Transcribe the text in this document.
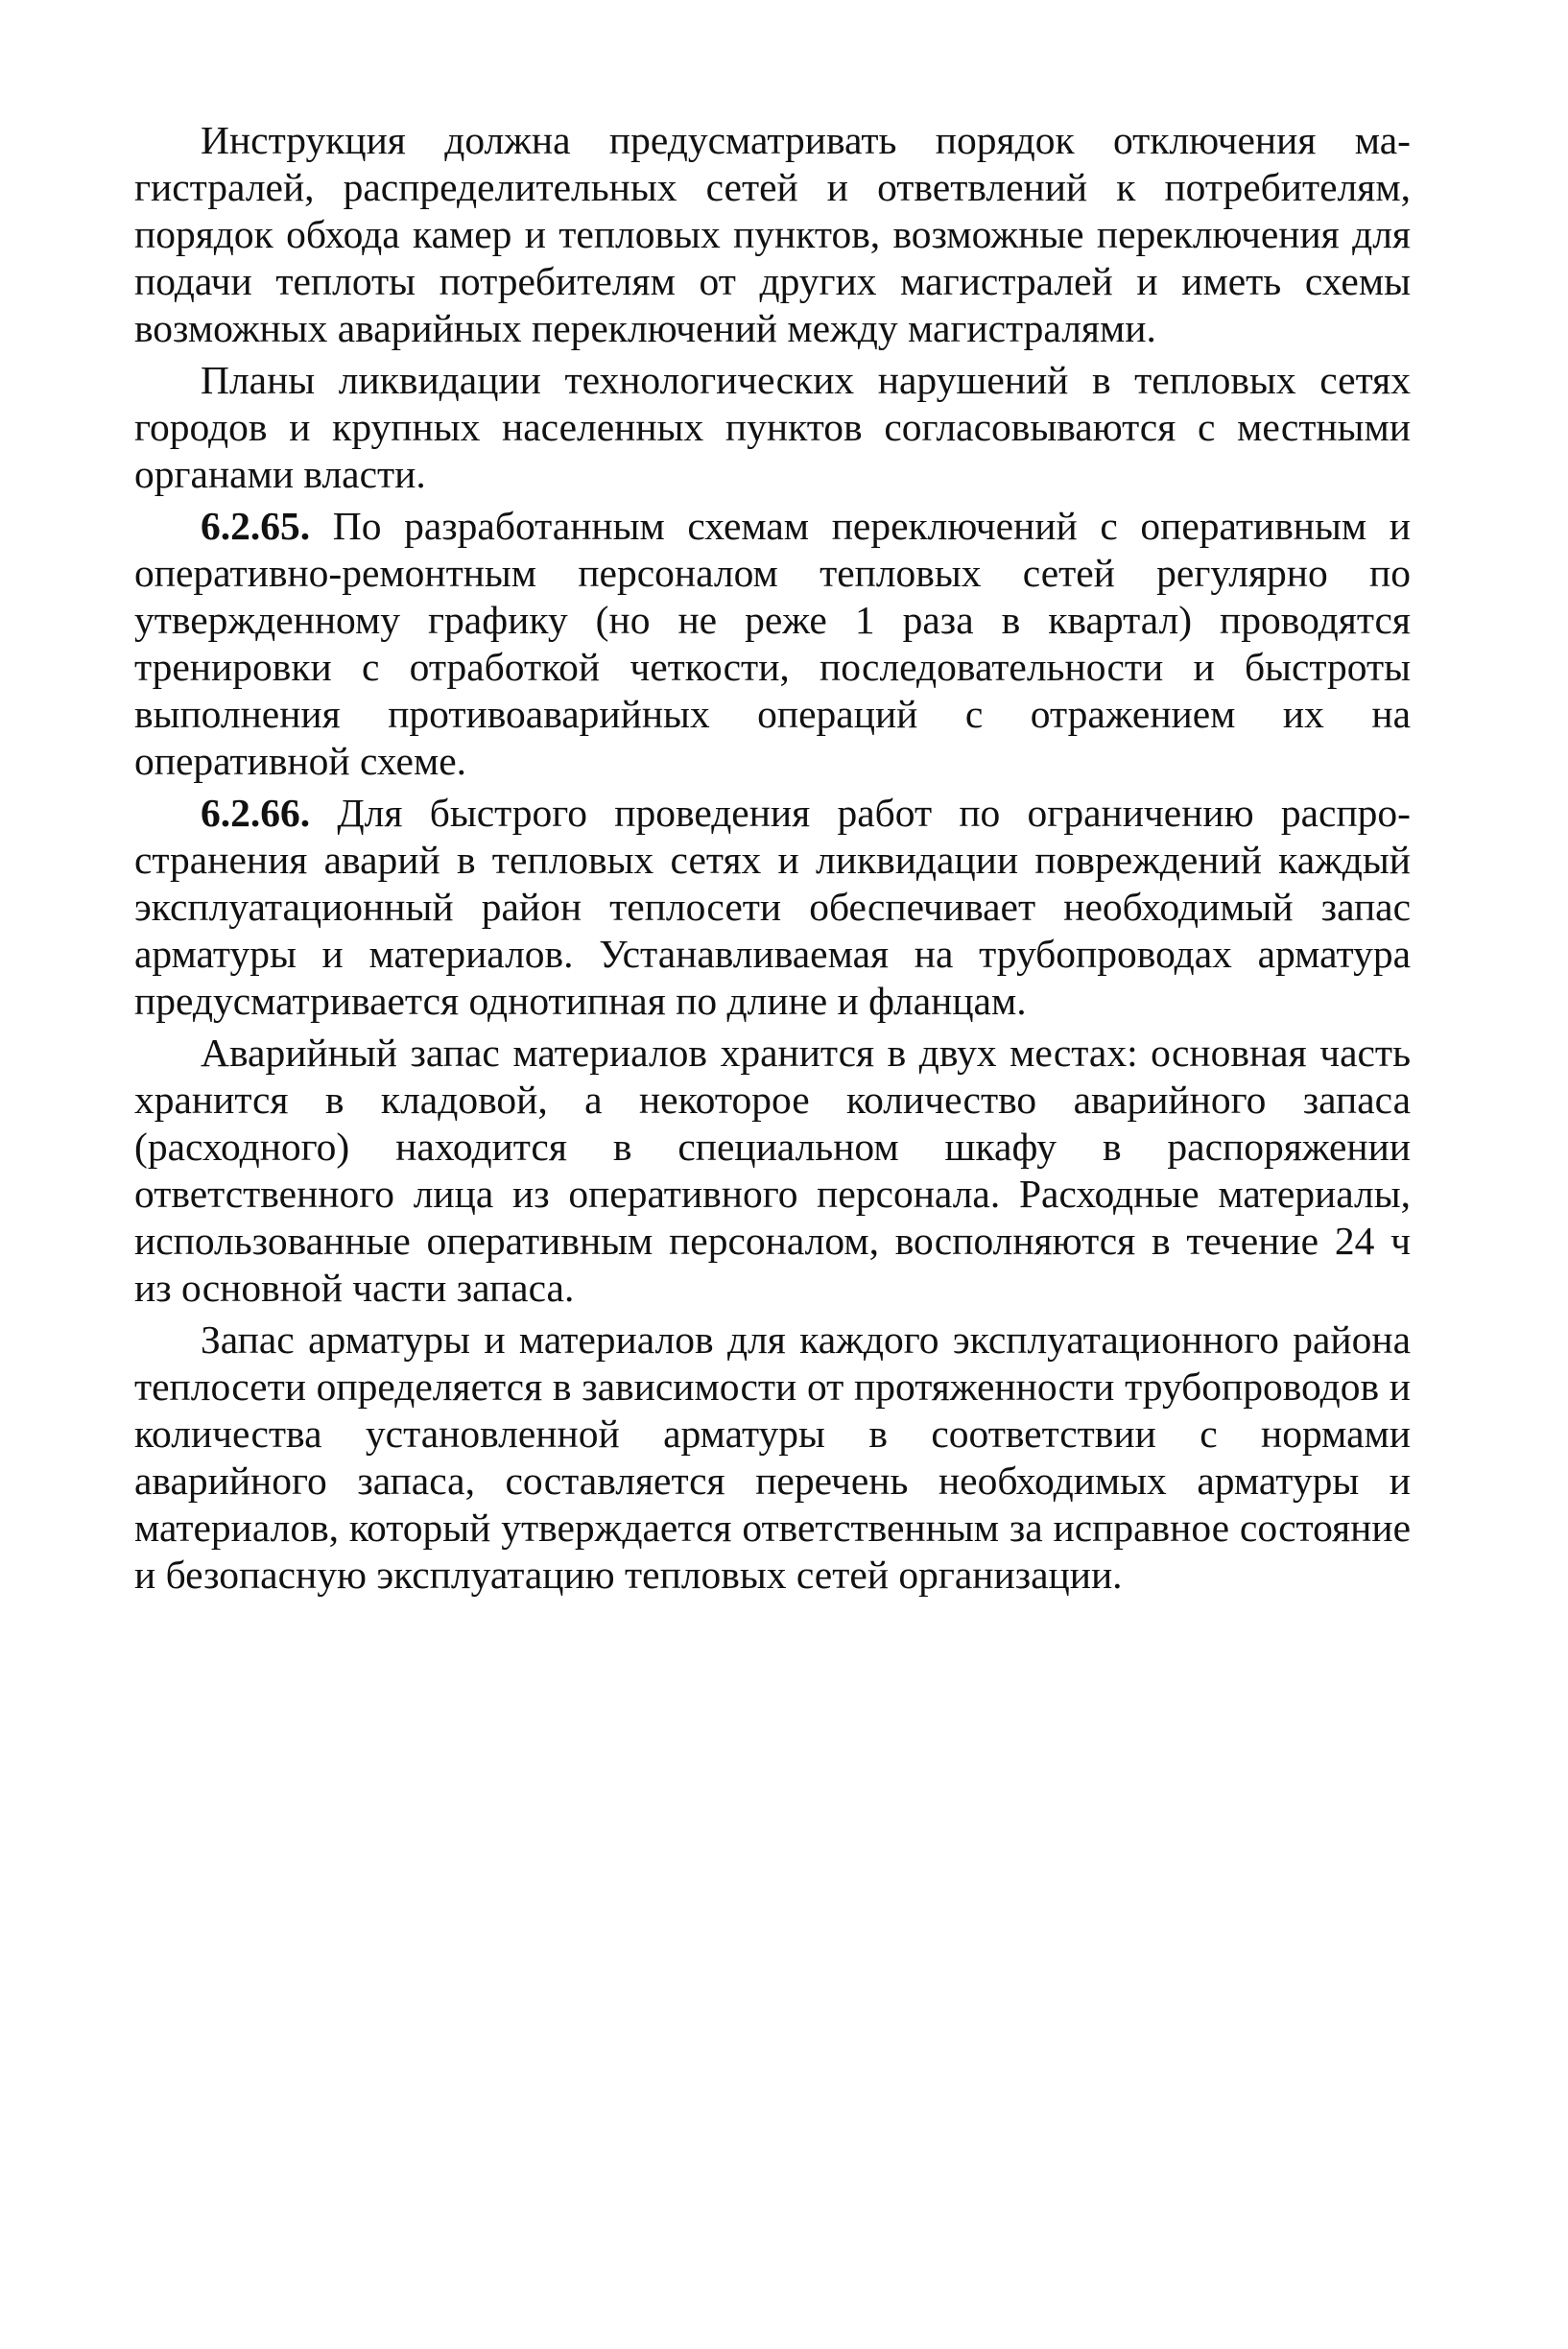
Инструкция должна предусматривать порядок отключения магистралей, распределительных сетей и ответвлений к потребителям, порядок обхода камер и тепловых пунктов, возможные переключения для подачи теплоты потребителям от других магистралей и иметь схемы возможных аварийных переключений между магистралями.

Планы ликвидации технологических нарушений в тепловых сетях городов и крупных населенных пунктов согласовываются с местными органами власти.

6.2.65. По разработанным схемам переключений с оперативным и оперативно-ремонтным персоналом тепловых сетей регулярно по утвержденному графику (но не реже 1 раза в квартал) проводятся тренировки с отработкой четкости, последовательности и быстроты выполнения противоаварийных операций с отражением их на оперативной схеме.

6.2.66. Для быстрого проведения работ по ограничению распространения аварий в тепловых сетях и ликвидации повреждений каждый эксплуатационный район теплосети обеспечивает необходимый запас арматуры и материалов. Устанавливаемая на трубопроводах арматура предусматривается однотипная по длине и фланцам.

Аварийный запас материалов хранится в двух местах: основная часть хранится в кладовой, а некоторое количество аварийного запаса (расходного) находится в специальном шкафу в распоряжении ответственного лица из оперативного персонала. Расходные материалы, использованные оперативным персоналом, восполняются в течение 24 ч из основной части запаса.

Запас арматуры и материалов для каждого эксплуатационного района теплосети определяется в зависимости от протяженности трубопроводов и количества установленной арматуры в соответствии с нормами аварийного запаса, составляется перечень необходимых арматуры и материалов, который утверждается ответственным за исправное состояние и безопасную эксплуатацию тепловых сетей организации.
